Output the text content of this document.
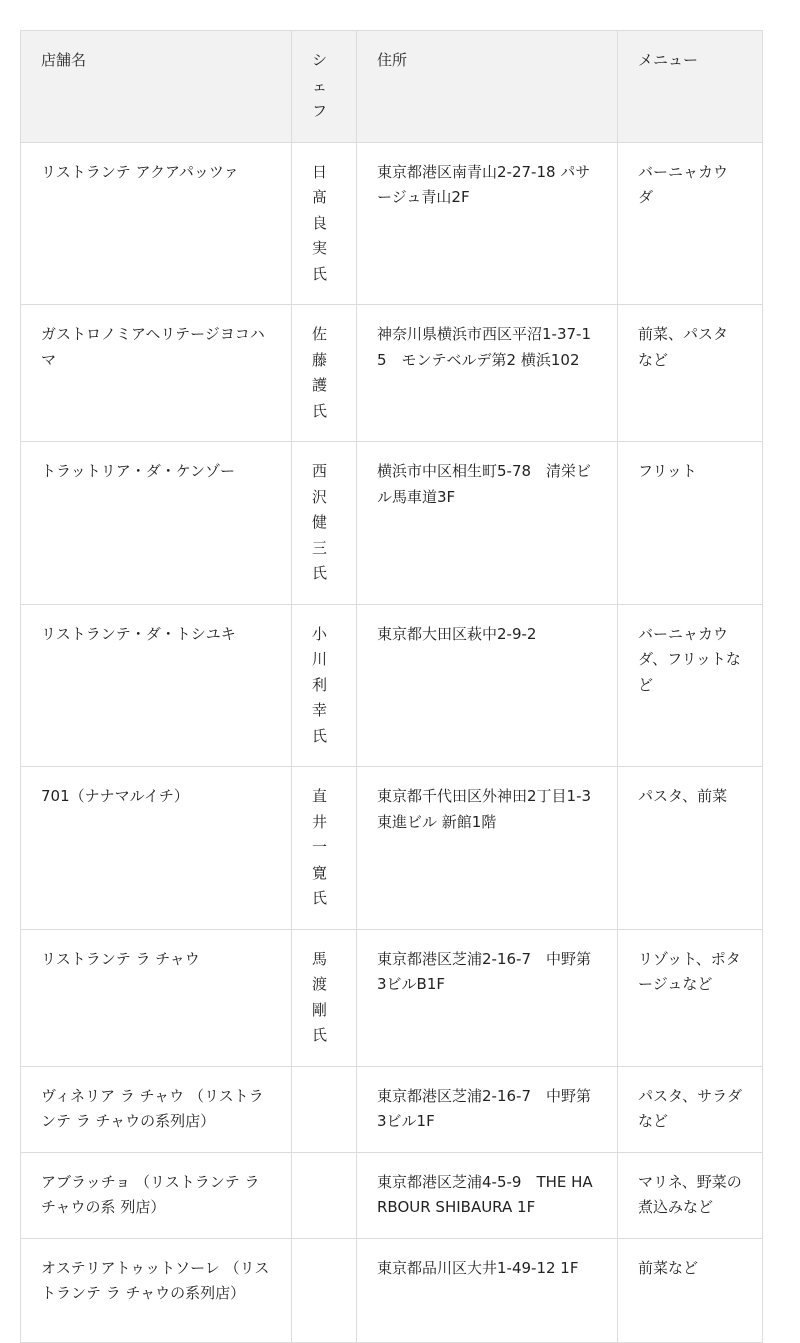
店舗名	シェフ	住所	メニュー
リストランテ アクアパッツァ	日髙良実氏	東京都港区南青山2-27-18 パサージュ青山2F	バーニャカウダ
ガストロノミアヘリテージヨコハマ	佐藤護氏	神奈川県横浜市西区平沼1-37-15　モンテベルデ第2 横浜102	前菜、パスタなど
トラットリア・ダ・ケンゾー	西沢健三氏	横浜市中区相生町5-78　清栄ビル馬車道3F	フリット
リストランテ・ダ・トシユキ	小川利幸氏	東京都大田区萩中2-9-2	バーニャカウダ、フリットなど
701（ナナマルイチ）	直井一寛氏	東京都千代田区外神田2丁目1-3 東進ビル 新館1階	パスタ、前菜
リストランテ ラ チャウ	馬渡剛氏	東京都港区芝浦2-16-7　中野第3ビルB1F	リゾット、ポタージュなど
ヴィネリア ラ チャウ （リストランテ ラ チャウの系列店）		東京都港区芝浦2-16-7　中野第3ビル1F	パスタ、サラダなど
アブラッチョ （リストランテ ラ チャウの系 列店）		東京都港区芝浦4-5-9　THE HARBOUR SHIBAURA 1F	マリネ、野菜の煮込みなど
オステリアトゥットソーレ （リストランテ ラ チャウの系列店）		東京都品川区大井1-49-12 1F	前菜など
